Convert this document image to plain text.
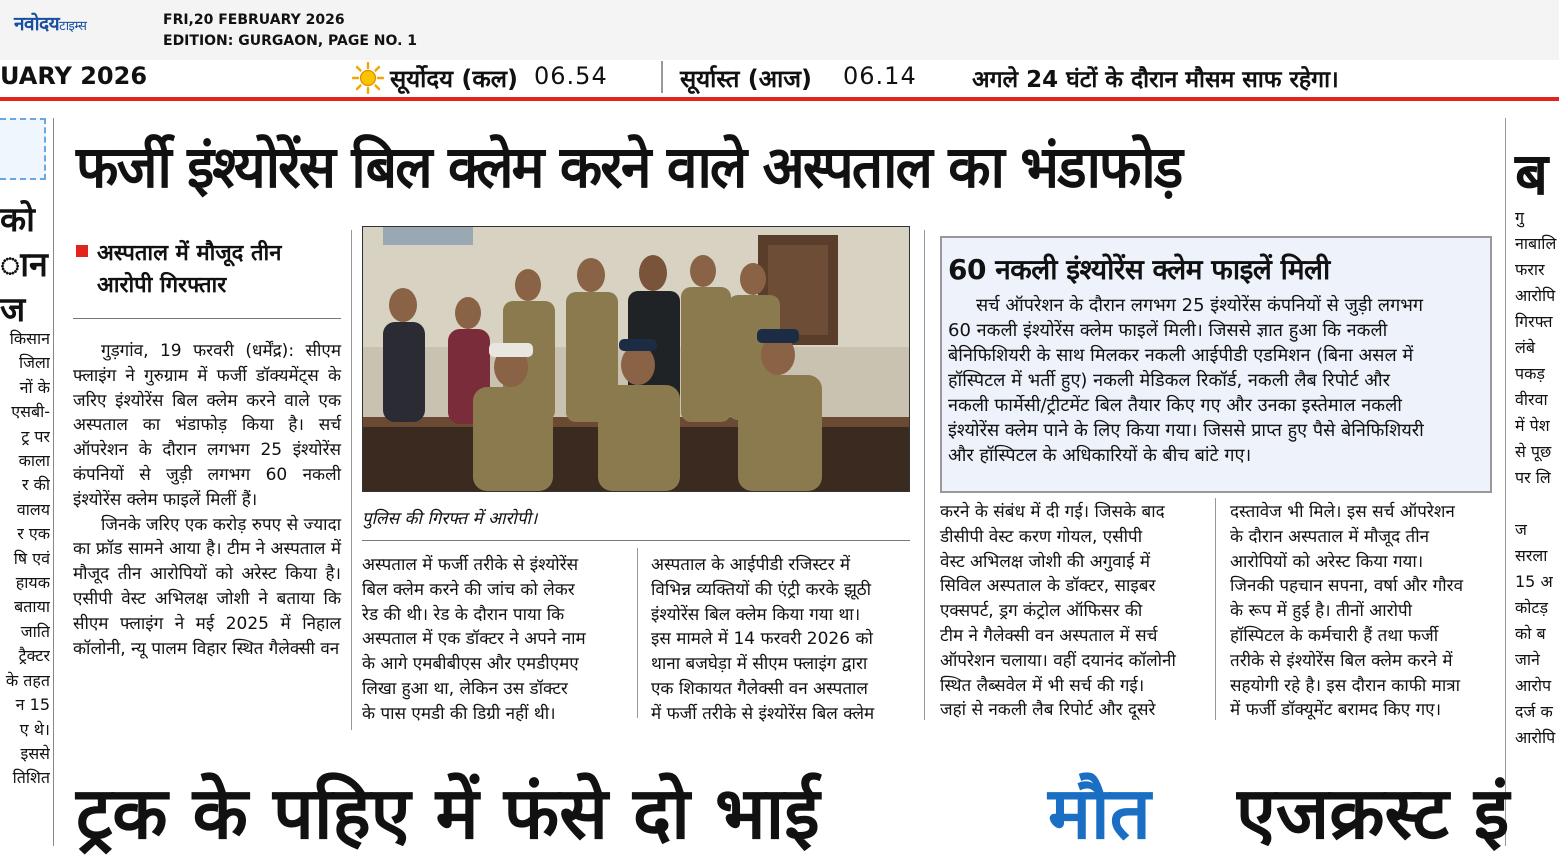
नवोदयटाइम्स	FRI,20 FEBRUARY 2026
EDITION: GURGAON, PAGE NO. 1
UARY 2026	सूर्योदय (कल) 06.54	सूर्यास्त (आज) 06.14 अगले 24 घंटों के दौरान मौसम साफ रहेगा।
को
ान
ज
किसान
जिला
नों के
एसबी-
ट्र पर
काला
र की
वालय
र एक
षि एवं
हायक
बताया
जाति
ट्रैक्टर
के तहत
न 15
ए थे।
इससे
तिशित
फर्जी इंश्योरेंस बिल क्लेम करने वाले अस्पताल का भंडाफोड़	ब
अस्पताल में मौजूद तीन
आरोपी गिरफ्तार

गुड़गांव, 19 फरवरी (धर्मेंद्र): सीएम फ्लाइंग ने गुरुग्राम में फर्जी डॉक्यमेंट्स के जरिए इंश्योरेंस बिल क्लेम करने वाले एक अस्पताल का भंडाफोड़ किया है। सर्च ऑपरेशन के दौरान लगभग 25 इंश्योरेंस कंपनियों से जुड़ी लगभग 60 नकली इंश्योरेंस क्लेम फाइलें मिलीं हैं।

जिनके जरिए एक करोड़ रुपए से ज्यादा का फ्रॉड सामने आया है। टीम ने अस्पताल में मौजूद तीन आरोपियों को अरेस्ट किया है। एसीपी वेस्ट अभिलक्ष जोशी ने बताया कि सीएम फ्लाइंग ने मई 2025 में निहाल कॉलोनी, न्यू पालम विहार स्थित गैलेक्सी वन

पुलिस की गिरफ्त में आरोपी।
अस्पताल में फर्जी तरीके से इंश्योरेंस
बिल क्लेम करने की जांच को लेकर
रेड की थी। रेड के दौरान पाया कि
अस्पताल में एक डॉक्टर ने अपने नाम
के आगे एमबीबीएस और एमडीएमए
लिखा हुआ था, लेकिन उस डॉक्टर
के पास एमडी की डिग्री नहीं थी।
अस्पताल के आईपीडी रजिस्टर में
विभिन्न व्यक्तियों की एंट्री करके झूठी
इंश्योरेंस बिल क्लेम किया गया था।
इस मामले में 14 फरवरी 2026 को
थाना बजघेड़ा में सीएम फ्लाइंग द्वारा
एक शिकायत गैलेक्सी वन अस्पताल
में फर्जी तरीके से इंश्योरेंस बिल क्लेम
60 नकली इंश्योरेंस क्लेम फाइलें मिली
सर्च ऑपरेशन के दौरान लगभग 25 इंश्योरेंस कंपनियों से जुड़ी लगभग
60 नकली इंश्योरेंस क्लेम फाइलें मिली। जिससे ज्ञात हुआ कि नकली
बेनिफिशियरी के साथ मिलकर नकली आईपीडी एडमिशन (बिना असल में
हॉस्पिटल में भर्ती हुए) नकली मेडिकल रिकॉर्ड, नकली लैब रिपोर्ट और
नकली फार्मेसी/ट्रीटमेंट बिल तैयार किए गए और उनका इस्तेमाल नकली
इंश्योरेंस क्लेम पाने के लिए किया गया। जिससे प्राप्त हुए पैसे बेनिफिशियरी
और हॉस्पिटल के अधिकारियों के बीच बांटे गए।
करने के संबंध में दी गई। जिसके बाद
डीसीपी वेस्ट करण गोयल, एसीपी
वेस्ट अभिलक्ष जोशी की अगुवाई में
सिविल अस्पताल के डॉक्टर, साइबर
एक्सपर्ट, ड्रग कंट्रोल ऑफिसर की
टीम ने गैलेक्सी वन अस्पताल में सर्च
ऑपरेशन चलाया। वहीं दयानंद कॉलोनी
स्थित लैब्सवेल में भी सर्च की गई।
जहां से नकली लैब रिपोर्ट और दूसरे
दस्तावेज भी मिले। इस सर्च ऑपरेशन
के दौरान अस्पताल में मौजूद तीन
आरोपियों को अरेस्ट किया गया।
जिनकी पहचान सपना, वर्षा और गौरव
के रूप में हुई है। तीनों आरोपी
हॉस्पिटल के कर्मचारी हैं तथा फर्जी
तरीके से इंश्योरेंस बिल क्लेम करने में
सहयोगी रहे है। इस दौरान काफी मात्रा
में फर्जी डॉक्यूमेंट बरामद किए गए।
गु
नाबालि
फरार
आरोपि
गिरफ्त
लंबे
पकड़
वीरवा
में पेश
से पूछ
पर लि

ज
सरला
15 अ
कोटड़
को ब
जाने
आरोप
दर्ज क
आरोपि
ट्रक के पहिए में फंसे दो भाई	मौत एजक्रस्ट इं
